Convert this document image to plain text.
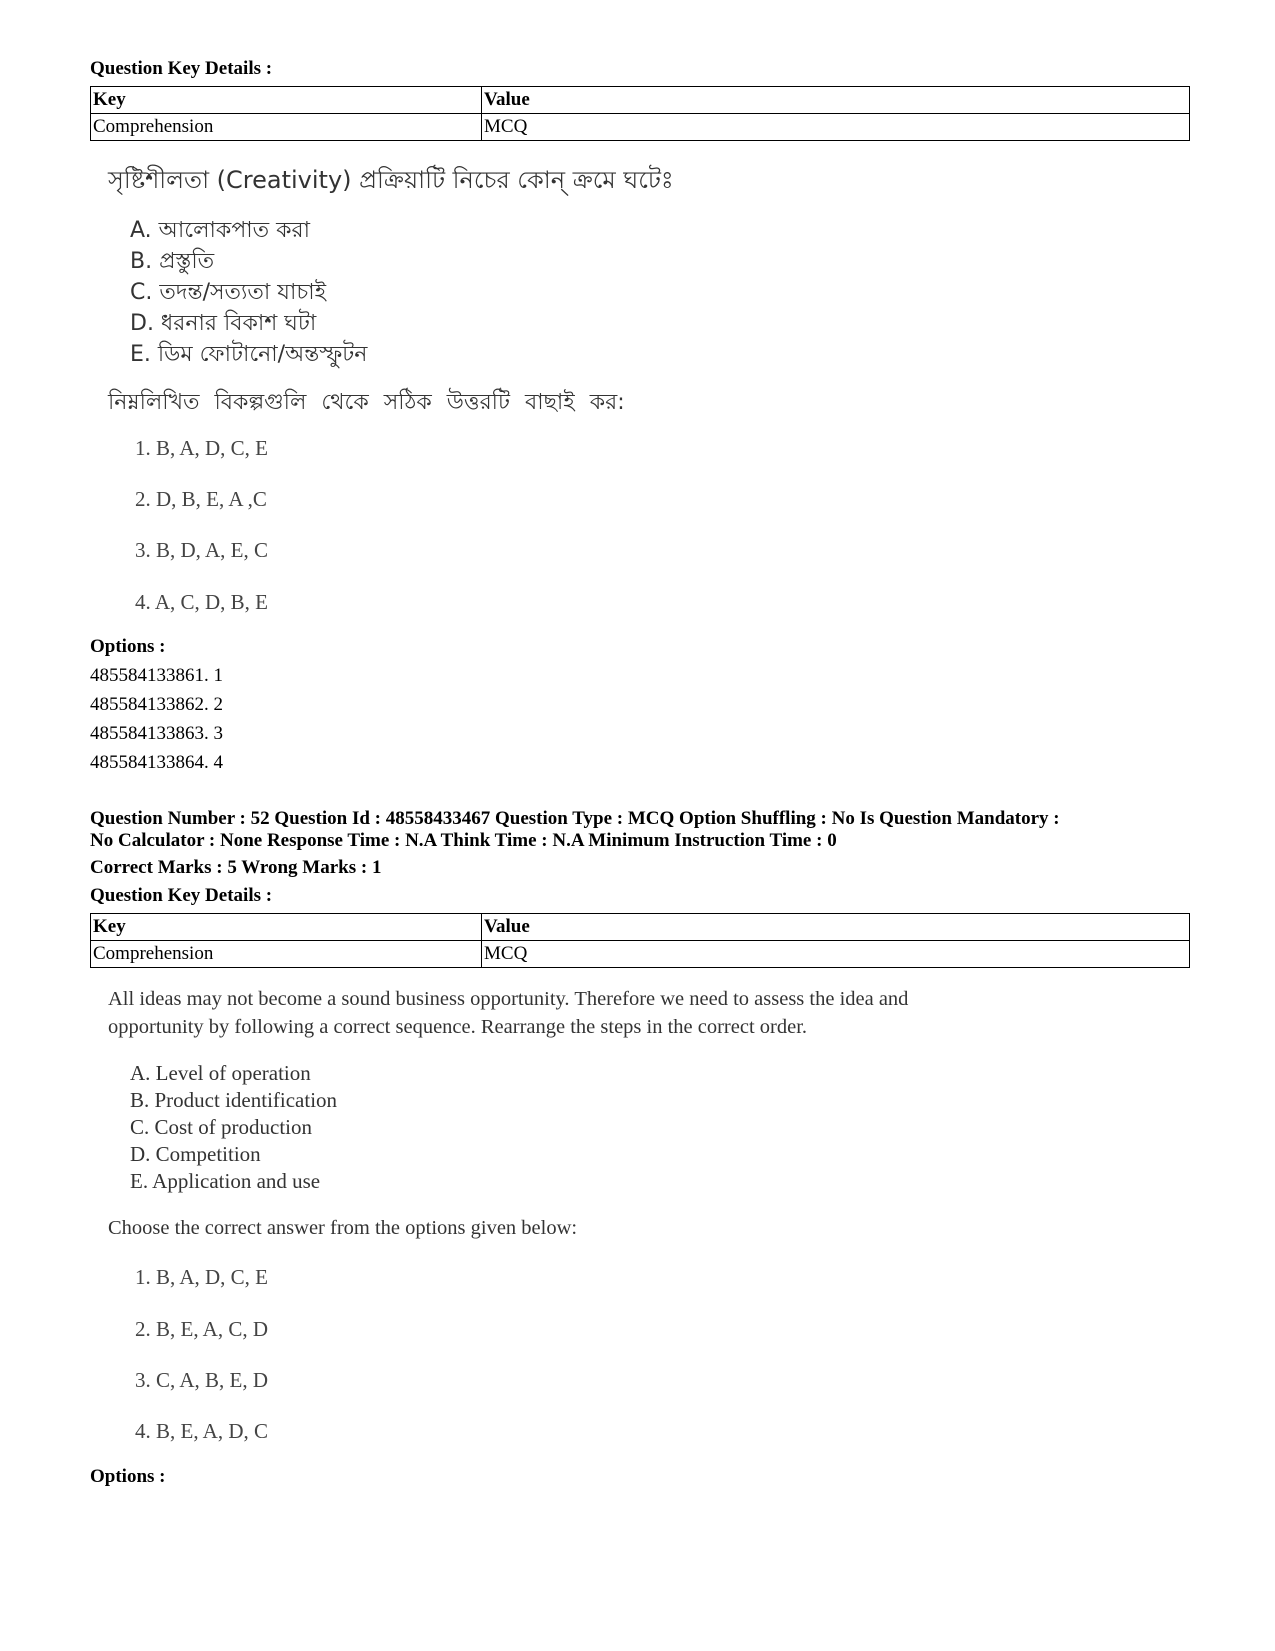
Question Key Details :
Key	Value
Comprehension	MCQ
সৃষ্টিশীলতা (Creativity) প্রক্রিয়াটি নিচের কোন্ ক্রমে ঘটেঃ
A. আলোকপাত করা
B. প্রস্তুতি
C. তদন্ত/সত্যতা যাচাই
D. ধরনার বিকাশ ঘটা
E. ডিম ফোটানো/অন্তস্ফুটন
নিম্নলিখিত বিকল্পগুলি থেকে সঠিক উত্তরটি বাছাই কর:
1. B, A, D, C, E
2. D, B, E, A ,C
3. B, D, A, E, C
4. A, C, D, B, E
Options :
485584133861. 1
485584133862. 2
485584133863. 3
485584133864. 4
Question Number : 52 Question Id : 48558433467 Question Type : MCQ Option Shuffling : No Is Question Mandatory :
No Calculator : None Response Time : N.A Think Time : N.A Minimum Instruction Time : 0
Correct Marks : 5 Wrong Marks : 1
Question Key Details :
Key	Value
Comprehension	MCQ
All ideas may not become a sound business opportunity. Therefore we need to assess the idea and
opportunity by following a correct sequence. Rearrange the steps in the correct order.
A. Level of operation
B. Product identification
C. Cost of production
D. Competition
E. Application and use
Choose the correct answer from the options given below:
1. B, A, D, C, E
2. B, E, A, C, D
3. C, A, B, E, D
4. B, E, A, D, C
Options :
